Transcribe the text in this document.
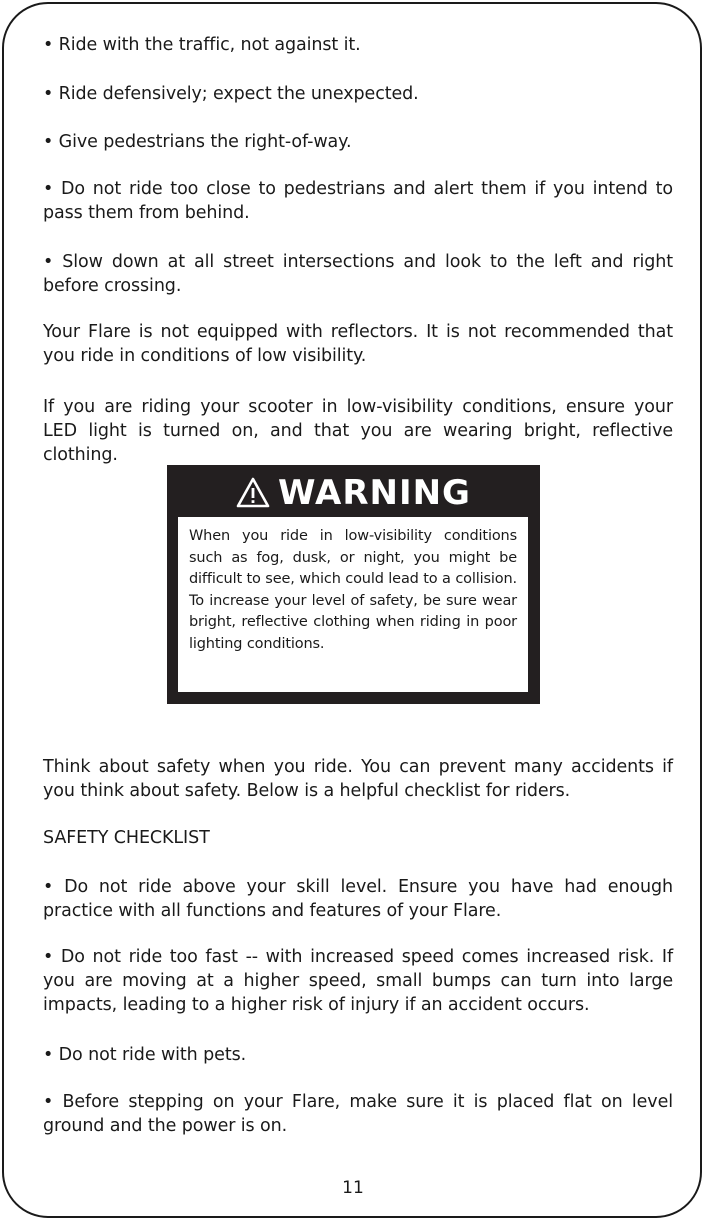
• Ride with the traffic, not against it.

• Ride defensively; expect the unexpected.

• Give pedestrians the right-of-way.

• Do not ride too close to pedestrians and alert them if you intend to pass them from behind.

• Slow down at all street intersections and look to the left and right before crossing.

Your Flare is not equipped with reflectors. It is not recommended that you ride in conditions of low visibility.

If you are riding your scooter in low-visibility conditions, ensure your LED light is turned on, and that you are wearing bright, reflective clothing.

Think about safety when you ride. You can prevent many accidents if you think about safety. Below is a helpful checklist for riders.

SAFETY CHECKLIST

• Do not ride above your skill level. Ensure you have had enough practice with all functions and features of your Flare.

• Do not ride too fast -- with increased speed comes increased risk. If you are moving at a higher speed, small bumps can turn into large impacts, leading to a higher risk of injury if an accident occurs.

• Do not ride with pets.

• Before stepping on your Flare, make sure it is placed flat on level ground and the power is on.

WARNING

When you ride in low-visibility conditions such as fog, dusk, or night, you might be difficult to see, which could lead to a collision. To increase your level of safety, be sure wear bright, reflective clothing when riding in poor lighting conditions.

11
